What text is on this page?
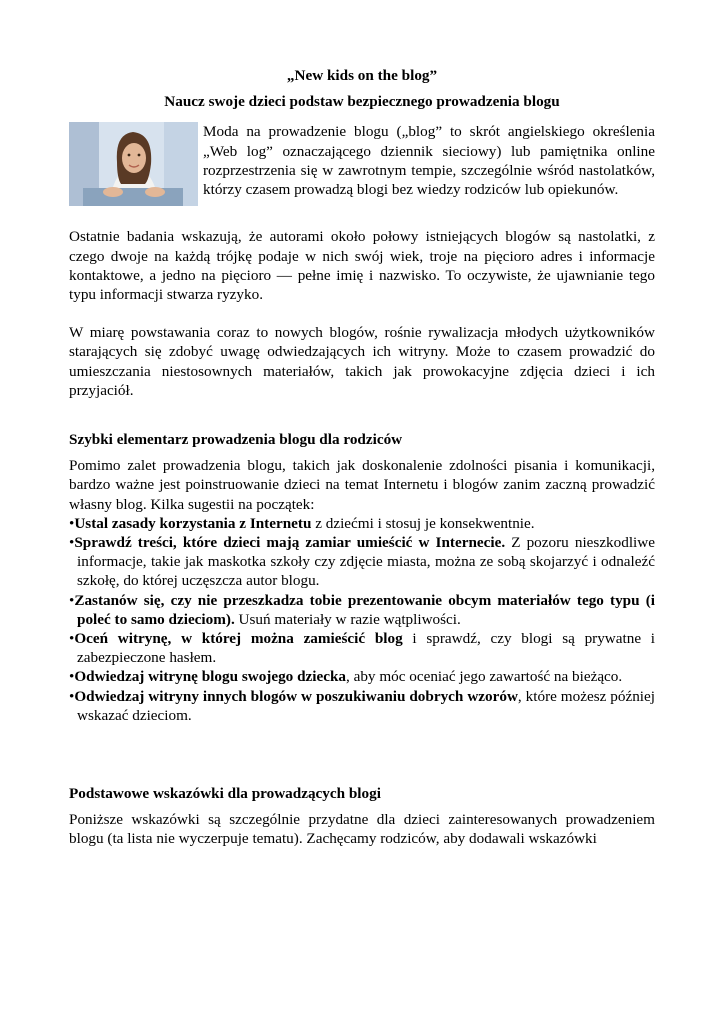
„New kids on the blog”

Naucz swoje dzieci podstaw bezpiecznego prowadzenia blogu

Moda na prowadzenie blogu („blog” to skrót angielskiego określenia „Web log” oznaczającego dziennik sieciowy) lub pamiętnika online rozprzestrzenia się w zawrotnym tempie, szczególnie wśród nastolatków, którzy czasem prowadzą blogi bez wiedzy rodziców lub opiekunów.

Ostatnie badania wskazują, że autorami około połowy istniejących blogów są nastolatki, z czego dwoje na każdą trójkę podaje w nich swój wiek, troje na pięcioro adres i informacje kontaktowe, a jedno na pięcioro — pełne imię i nazwisko. To oczywiste, że ujawnianie tego typu informacji stwarza ryzyko.

W miarę powstawania coraz to nowych blogów, rośnie rywalizacja młodych użytkowników starających się zdobyć uwagę odwiedzających ich witryny. Może to czasem prowadzić do umieszczania niestosownych materiałów, takich jak prowokacyjne zdjęcia dzieci i ich przyjaciół.

Szybki elementarz prowadzenia blogu dla rodziców

Pomimo zalet prowadzenia blogu, takich jak doskonalenie zdolności pisania i komunikacji, bardzo ważne jest poinstruowanie dzieci na temat Internetu i blogów zanim zaczną prowadzić własny blog. Kilka sugestii na początek:

•Ustal zasady korzystania z Internetu z dziećmi i stosuj je konsekwentnie.

•Sprawdź treści, które dzieci mają zamiar umieścić w Internecie. Z pozoru nieszkodliwe informacje, takie jak maskotka szkoły czy zdjęcie miasta, można ze sobą skojarzyć i odnaleźć szkołę, do której uczęszcza autor blogu.

•Zastanów się, czy nie przeszkadza tobie prezentowanie obcym materiałów tego typu (i poleć to samo dzieciom). Usuń materiały w razie wątpliwości.

•Oceń witrynę, w której można zamieścić blog i sprawdź, czy blogi są prywatne i zabezpieczone hasłem.

•Odwiedzaj witrynę blogu swojego dziecka, aby móc oceniać jego zawartość na bieżąco.

•Odwiedzaj witryny innych blogów w poszukiwaniu dobrych wzorów, które możesz później wskazać dzieciom.

Podstawowe wskazówki dla prowadzących blogi

Poniższe wskazówki są szczególnie przydatne dla dzieci zainteresowanych prowadzeniem blogu (ta lista nie wyczerpuje tematu). Zachęcamy rodziców, aby dodawali wskazówki
